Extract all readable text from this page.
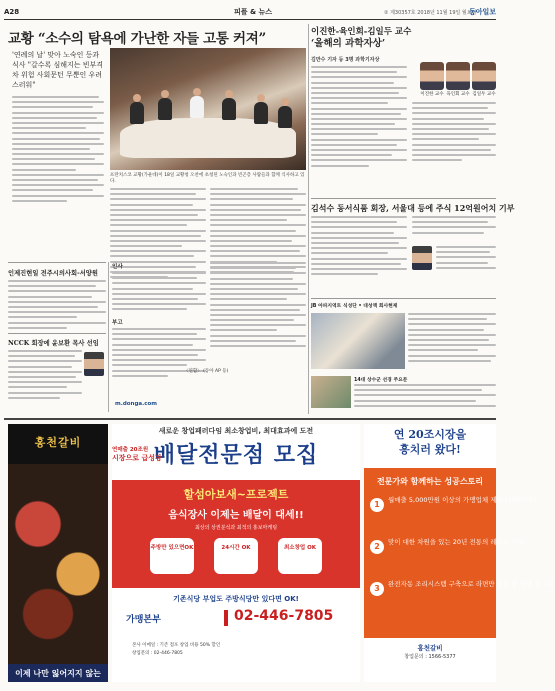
A28	피플 & 뉴스	② 제30357호 2018년 11월 19일 월요일
동아일보
교황 “소수의 탐욕에 가난한 자들 고통 커져”
'연례의 날' 맞아 노숙인 등과 식사 "갈수록 심해지는 빈부격차 위험 사회문턴 무뿐인 우려스러워"
프란치스코 교황(가운데)이 18일 교황청 오찬에 초청된 노숙인과 빈곤층 사람들과 함께 식사하고 있다.
인제진현일 전주시의사회-서양원
NCCK 회장에 윤보환 목사 선임
인사
부고
m.donga.com
〈연합〉 (동아 AP 등)
이진한-육인회-김일두 교수
‘올해의 과학자상’
김만수 기자 등 3명 과학기자상
이진한 교수 육인회 교수 김일두 교수
김석수 동서식품 회장, 서울대 등에 주식 12억원어치 기부
JB 아파지역트 식성단 • 대성액 회사현제
14대 상수군 선경 주요문
홍천갈비
이제 나만 잃어지지 않는
새로운 창업패러다임 최소창업비, 최대효과에 도전
배달전문점 모집
연매출 20조원
시장으로 급성장
할섬아보새~프로젝트
음식장사 이제는 배달이 대세!!
최상의 상권분석과 최적의 홍보마케팅
주방만 있으면OK	24시간 OK	최소창업 OK
기존식당 부업도 주방식당만 있다면 OK!
가맹본부	02-446-7805
본사 이메일 : 기존 점포 창업 비용 50% 할인
창업문의 : 02-446-7805
연 20조시장을
흥치러 왔다!
전문가와 함께하는 성공스토리
1	월매출 5,000만원 이상의 가맹업체 제공 (30%이하)
2	맞이 대한 차원을 있는 20년 전통의 레시피 전수
3	완전자동 조리시스템 구축으로 라면만 끓일 줄 알면 됩니다.
홍천갈비
창업문의 : 1566-5377
